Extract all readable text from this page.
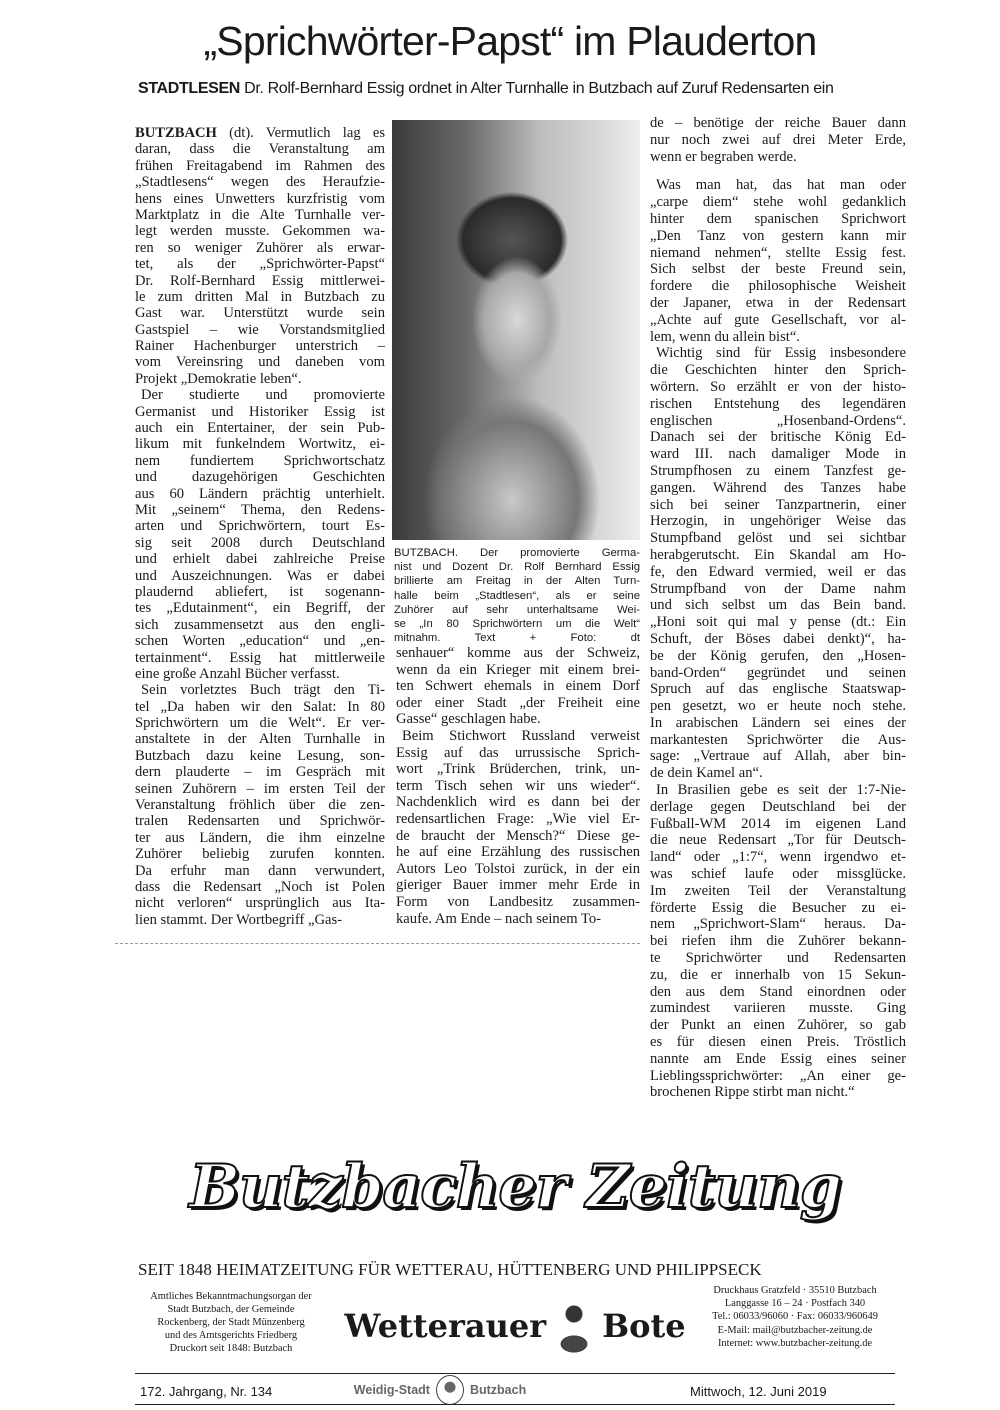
„Sprichwörter-Papst“ im Plauderton
STADTLESEN Dr. Rolf-Bernhard Essig ordnet in Alter Turnhalle in Butzbach auf Zuruf Redensarten ein
BUTZBACH (dt). Vermutlich lag es
daran, dass die Veranstaltung am
frühen Freitagabend im Rahmen des
„Stadtlesens“ wegen des Heraufzie-
hens eines Unwetters kurzfristig vom
Marktplatz in die Alte Turnhalle ver-
legt werden musste. Gekommen wa-
ren so weniger Zuhörer als erwar-
tet, als der „Sprichwörter-Papst“
Dr. Rolf-Bernhard Essig mittlerwei-
le zum dritten Mal in Butzbach zu
Gast war. Unterstützt wurde sein
Gastspiel – wie Vorstandsmitglied
Rainer Hachenburger unterstrich –
vom Vereinsring und daneben vom
Projekt „Demokratie leben“.
Der studierte und promovierte
Germanist und Historiker Essig ist
auch ein Entertainer, der sein Pub-
likum mit funkelndem Wortwitz, ei-
nem fundiertem Sprichwortschatz
und dazugehörigen Geschichten
aus 60 Ländern prächtig unterhielt.
Mit „seinem“ Thema, den Redens-
arten und Sprichwörtern, tourt Es-
sig seit 2008 durch Deutschland
und erhielt dabei zahlreiche Preise
und Auszeichnungen. Was er dabei
plaudernd abliefert, ist sogenann-
tes „Edutainment“, ein Begriff, der
sich zusammensetzt aus den engli-
schen Worten „education“ und „en-
tertainment“. Essig hat mittlerweile
eine große Anzahl Bücher verfasst.
Sein vorletztes Buch trägt den Ti-
tel „Da haben wir den Salat: In 80
Sprichwörtern um die Welt“. Er ver-
anstaltete in der Alten Turnhalle in
Butzbach dazu keine Lesung, son-
dern plauderte – im Gespräch mit
seinen Zuhörern – im ersten Teil der
Veranstaltung fröhlich über die zen-
tralen Redensarten und Sprichwör-
ter aus Ländern, die ihm einzelne
Zuhörer beliebig zurufen konnten.
Da erfuhr man dann verwundert,
dass die Redensart „Noch ist Polen
nicht verloren“ ursprünglich aus Ita-
lien stammt. Der Wortbegriff „Gas-
BUTZBACH. Der promovierte Germa-
nist und Dozent Dr. Rolf Bernhard Essig
brillierte am Freitag in der Alten Turn-
halle beim „Stadtlesen“, als er seine
Zuhörer auf sehr unterhaltsame Wei-
se „In 80 Sprichwörtern um die Welt“
mitnahm.	Text + Foto: dt
senhauer“ komme aus der Schweiz,
wenn da ein Krieger mit einem brei-
ten Schwert ehemals in einem Dorf
oder einer Stadt „der Freiheit eine
Gasse“ geschlagen habe.
Beim Stichwort Russland verweist
Essig auf das urrussische Sprich-
wort „Trink Brüderchen, trink, un-
term Tisch sehen wir uns wieder“.
Nachdenklich wird es dann bei der
redensartlichen Frage: „Wie viel Er-
de braucht der Mensch?“ Diese ge-
he auf eine Erzählung des russischen
Autors Leo Tolstoi zurück, in der ein
gieriger Bauer immer mehr Erde in
Form von Landbesitz zusammen-
kaufe. Am Ende – nach seinem To-
de – benötige der reiche Bauer dann
nur noch zwei auf drei Meter Erde,
wenn er begraben werde.
Was man hat, das hat man oder
„carpe diem“ stehe wohl gedanklich
hinter dem spanischen Sprichwort
„Den Tanz von gestern kann mir
niemand nehmen“, stellte Essig fest.
Sich selbst der beste Freund sein,
fordere die philosophische Weisheit
der Japaner, etwa in der Redensart
„Achte auf gute Gesellschaft, vor al-
lem, wenn du allein bist“.
Wichtig sind für Essig insbesondere
die Geschichten hinter den Sprich-
wörtern. So erzählt er von der histo-
rischen Entstehung des legendären
englischen „Hosenband-Ordens“.
Danach sei der britische König Ed-
ward III. nach damaliger Mode in
Strumpfhosen zu einem Tanzfest ge-
gangen. Während des Tanzes habe
sich bei seiner Tanzpartnerin, einer
Herzogin, in ungehöriger Weise das
Stumpfband gelöst und sei sichtbar
herabgerutscht. Ein Skandal am Ho-
fe, den Edward vermied, weil er das
Strumpfband von der Dame nahm
und sich selbst um das Bein band.
„Honi soit qui mal y pense (dt.: Ein
Schuft, der Böses dabei denkt)“, ha-
be der König gerufen, den „Hosen-
band-Orden“ gegründet und seinen
Spruch auf das englische Staatswap-
pen gesetzt, wo er heute noch stehe.
In arabischen Ländern sei eines der
markantesten Sprichwörter die Aus-
sage: „Vertraue auf Allah, aber bin-
de dein Kamel an“.
In Brasilien gebe es seit der 1:7-Nie-
derlage gegen Deutschland bei der
Fußball-WM 2014 im eigenen Land
die neue Redensart „Tor für Deutsch-
land“ oder „1:7“, wenn irgendwo et-
was schief laufe oder missglücke.
Im zweiten Teil der Veranstaltung
förderte Essig die Besucher zu ei-
nem „Sprichwort-Slam“ heraus. Da-
bei riefen ihm die Zuhörer bekann-
te Sprichwörter und Redensarten
zu, die er innerhalb von 15 Sekun-
den aus dem Stand einordnen oder
zumindest variieren musste. Ging
der Punkt an einen Zuhörer, so gab
es für diesen einen Preis. Tröstlich
nannte am Ende Essig eines seiner
Lieblingssprichwörter: „An einer ge-
brochenen Rippe stirbt man nicht.“
Butzbacher Zeitung
SEIT 1848 HEIMATZEITUNG FÜR WETTERAU, HÜTTENBERG UND PHILIPPSECK
Amtliches Bekanntmachungsorgan der
Stadt Butzbach, der Gemeinde
Rockenberg, der Stadt Münzenberg
und des Amtsgerichts Friedberg
Druckort seit 1848: Butzbach
Wetterauer Bote
Druckhaus Gratzfeld · 35510 Butzbach
Langgasse 16 – 24 · Postfach 340
Tel.: 06033/96060 · Fax: 06033/960649
E-Mail: mail@butzbacher-zeitung.de
Internet: www.butzbacher-zeitung.de
172. Jahrgang, Nr. 134	Weidig-Stadt	Butzbach	Mittwoch, 12. Juni 2019
